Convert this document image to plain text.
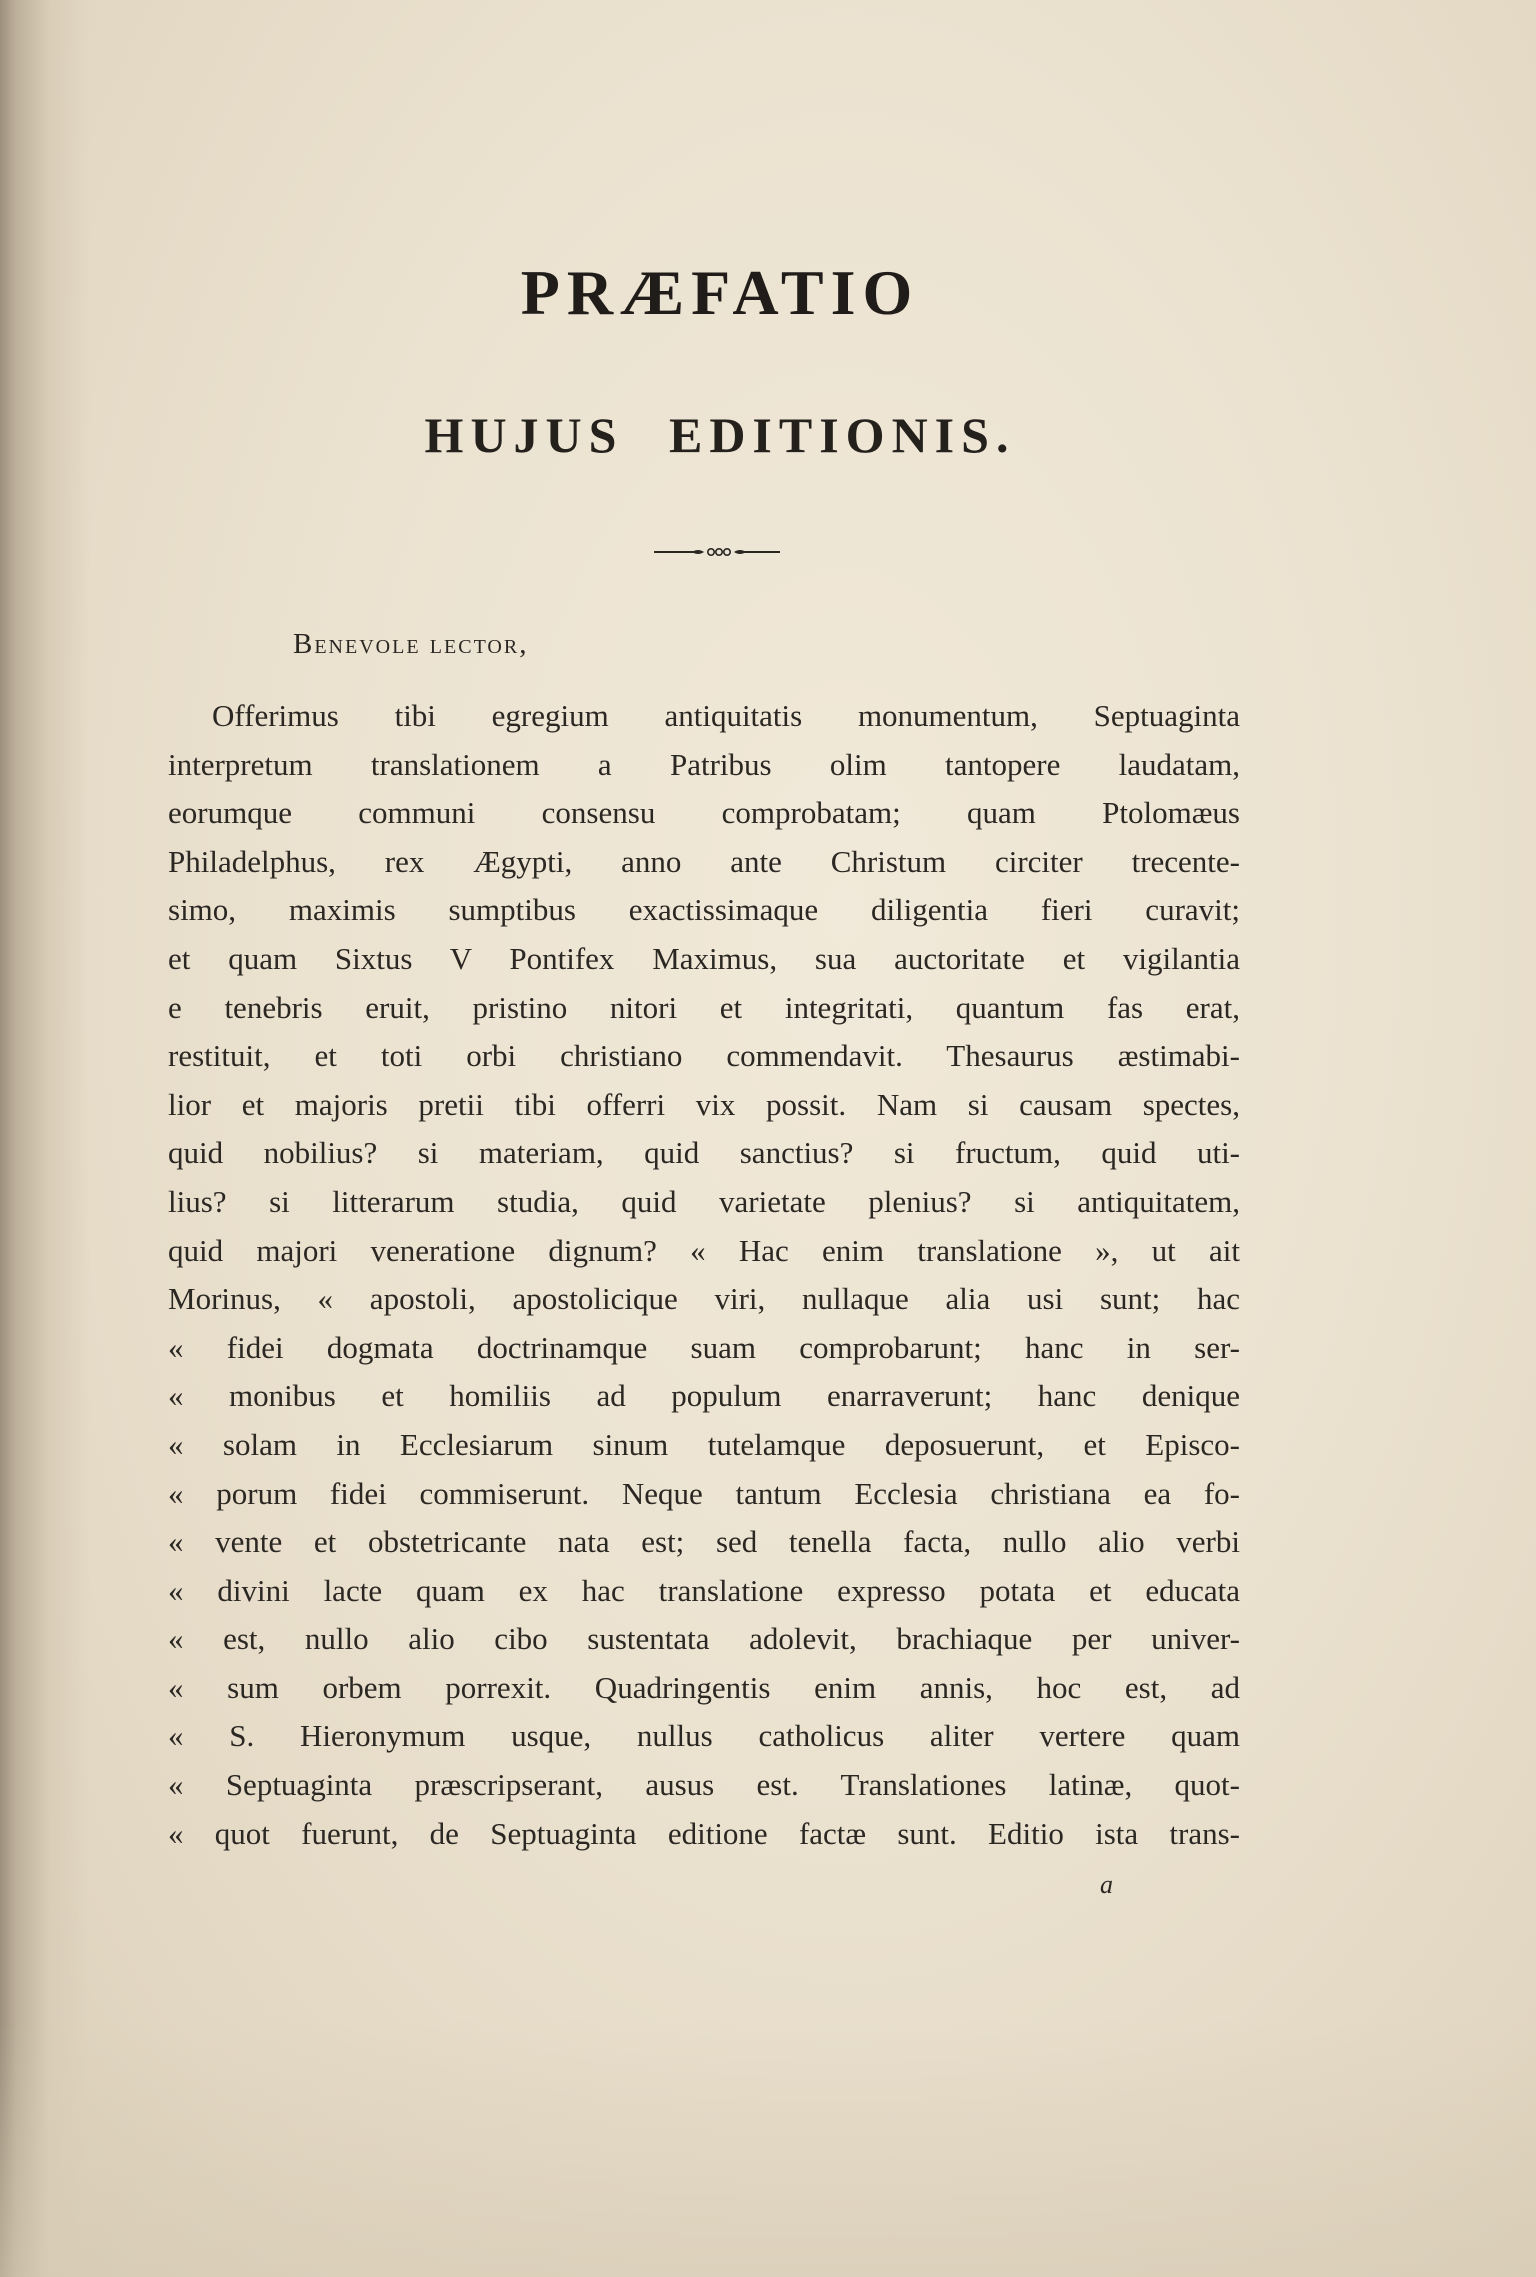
PRÆFATIO
HUJUS EDITIONIS.
Benevole lector,
Offerimus tibi egregium antiquitatis monumentum, Septuaginta
interpretum translationem a Patribus olim tantopere laudatam,
eorumque communi consensu comprobatam; quam Ptolomæus
Philadelphus, rex Ægypti, anno ante Christum circiter trecente-
simo, maximis sumptibus exactissimaque diligentia fieri curavit;
et quam Sixtus V Pontifex Maximus, sua auctoritate et vigilantia
e tenebris eruit, pristino nitori et integritati, quantum fas erat,
restituit, et toti orbi christiano commendavit. Thesaurus æstimabi-
lior et majoris pretii tibi offerri vix possit. Nam si causam spectes,
quid nobilius? si materiam, quid sanctius? si fructum, quid uti-
lius? si litterarum studia, quid varietate plenius? si antiquitatem,
quid majori veneratione dignum? « Hac enim translatione », ut ait
Morinus, « apostoli, apostolicique viri, nullaque alia usi sunt; hac
« fidei dogmata doctrinamque suam comprobarunt; hanc in ser-
« monibus et homiliis ad populum enarraverunt; hanc denique
« solam in Ecclesiarum sinum tutelamque deposuerunt, et Episco-
« porum fidei commiserunt. Neque tantum Ecclesia christiana ea fo-
« vente et obstetricante nata est; sed tenella facta, nullo alio verbi
« divini lacte quam ex hac translatione expresso potata et educata
« est, nullo alio cibo sustentata adolevit, brachiaque per univer-
« sum orbem porrexit. Quadringentis enim annis, hoc est, ad
« S. Hieronymum usque, nullus catholicus aliter vertere quam
« Septuaginta præscripserant, ausus est. Translationes latinæ, quot-
« quot fuerunt, de Septuaginta editione factæ sunt. Editio ista trans-
a
